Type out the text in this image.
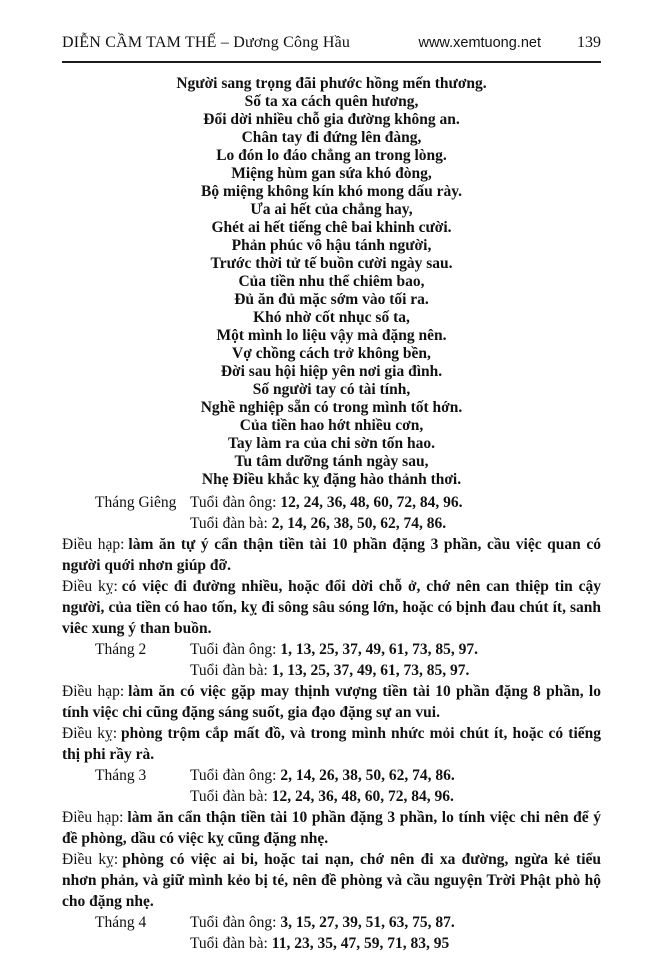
DIỄN CẦM TAM THẾ – Dương Công Hầu	www.xemtuong.net 139
Người sang trọng đãi phước hồng mến thương.
Số ta xa cách quên hương,
Đổi dời nhiều chỗ gia đường không an.
Chân tay đi đứng lên đàng,
Lo đón lo đáo chẳng an trong lòng.
Miệng hùm gan sứa khó đòng,
Bộ miệng không kín khó mong dấu rày.
Ưa ai hết của chẳng hay,
Ghét ai hết tiếng chê bai khinh cười.
Phản phúc vô hậu tánh người,
Trước thời tử tế buồn cười ngày sau.
Của tiền nhu thể chiêm bao,
Đủ ăn đủ mặc sớm vào tối ra.
Khó nhờ cốt nhục số ta,
Một mình lo liệu vậy mà đặng nên.
Vợ chồng cách trở không bền,
Đời sau hội hiệp yên nơi gia đình.
Số người tay có tài tính,
Nghề nghiệp sẵn có trong mình tốt hớn.
Của tiền hao hớt nhiều cơn,
Tay làm ra của chi sờn tốn hao.
Tu tâm dưỡng tánh ngày sau,
Nhẹ Điều khắc kỵ đặng hào thảnh thơi.
Tháng Giêng Tuổi đàn ông: 12, 24, 36, 48, 60, 72, 84, 96.
Tuổi đàn bà: 2, 14, 26, 38, 50, 62, 74, 86.

Điều hạp: làm ăn tự ý cẩn thận tiền tài 10 phần đặng 3 phần, cầu việc quan có người quới nhơn giúp đỡ.

Điều kỵ: có việc đi đường nhiều, hoặc đổi dời chỗ ở, chớ nên can thiệp tin cậy người, của tiền có hao tốn, kỵ đi sông sâu sóng lớn, hoặc có bịnh đau chút ít, sanh viêc xung ý than buồn.

Tháng 2	Tuổi đàn ông: 1, 13, 25, 37, 49, 61, 73, 85, 97.
Tuổi đàn bà: 1, 13, 25, 37, 49, 61, 73, 85, 97.

Điều hạp: làm ăn có việc gặp may thịnh vượng tiền tài 10 phần đặng 8 phần, lo tính việc chi cũng đặng sáng suốt, gia đạo đặng sự an vui.

Điều kỵ: phòng trộm cắp mất đồ, và trong mình nhức mỏi chút ít, hoặc có tiếng thị phi rầy rà.

Tháng 3	Tuổi đàn ông: 2, 14, 26, 38, 50, 62, 74, 86.
Tuổi đàn bà: 12, 24, 36, 48, 60, 72, 84, 96.

Điều hạp: làm ăn cẩn thận tiền tài 10 phần đặng 3 phần, lo tính việc chi nên để ý đề phòng, dầu có việc kỵ cũng đặng nhẹ.

Điều kỵ: phòng có việc ai bi, hoặc tai nạn, chớ nên đi xa đường, ngừa kẻ tiểu nhơn phản, và giữ mình kẻo bị té, nên đề phòng và cầu nguyện Trời Phật phò hộ cho đặng nhẹ.

Tháng 4	Tuổi đàn ông: 3, 15, 27, 39, 51, 63, 75, 87.
Tuổi đàn bà: 11, 23, 35, 47, 59, 71, 83, 95
